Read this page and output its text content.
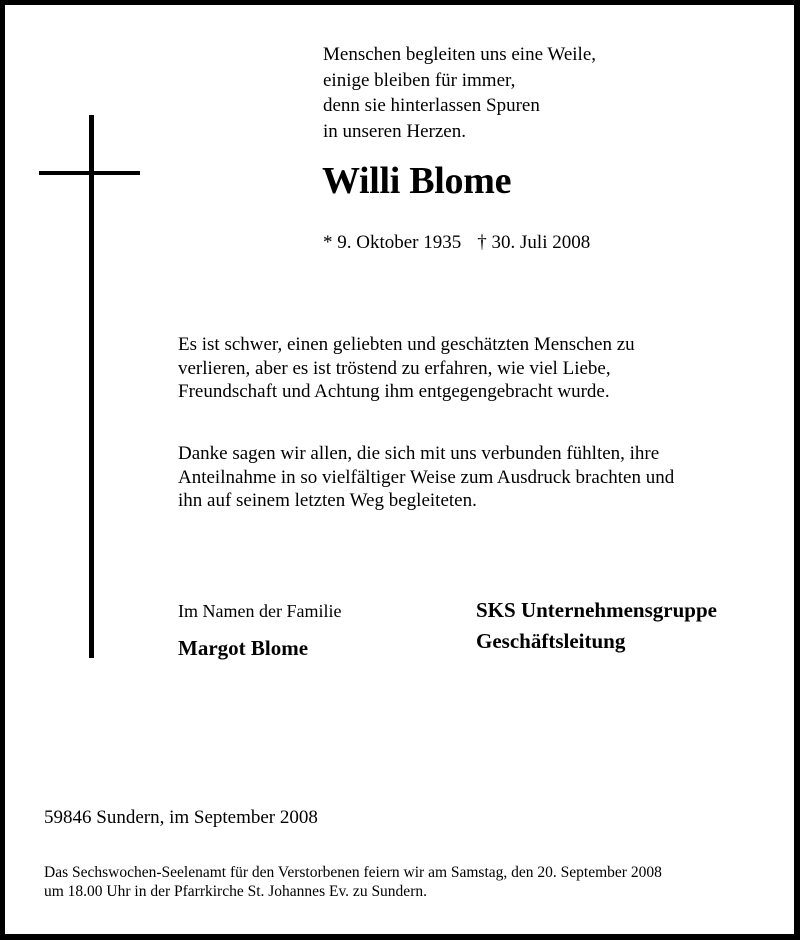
Menschen begleiten uns eine Weile,
einige bleiben für immer,
denn sie hinterlassen Spuren
in unseren Herzen.
Willi Blome
* 9. Oktober 1935 † 30. Juli 2008
Es ist schwer, einen geliebten und geschätzten Menschen zu
verlieren, aber es ist tröstend zu erfahren, wie viel Liebe,
Freundschaft und Achtung ihm entgegengebracht wurde.
Danke sagen wir allen, die sich mit uns verbunden fühlten, ihre
Anteilnahme in so vielfältiger Weise zum Ausdruck brachten und
ihn auf seinem letzten Weg begleiteten.
Im Namen der Familie
Margot Blome
SKS Unternehmensgruppe
Geschäftsleitung
59846 Sundern, im September 2008
Das Sechswochen-Seelenamt für den Verstorbenen feiern wir am Samstag, den 20. September 2008
um 18.00 Uhr in der Pfarrkirche St. Johannes Ev. zu Sundern.
